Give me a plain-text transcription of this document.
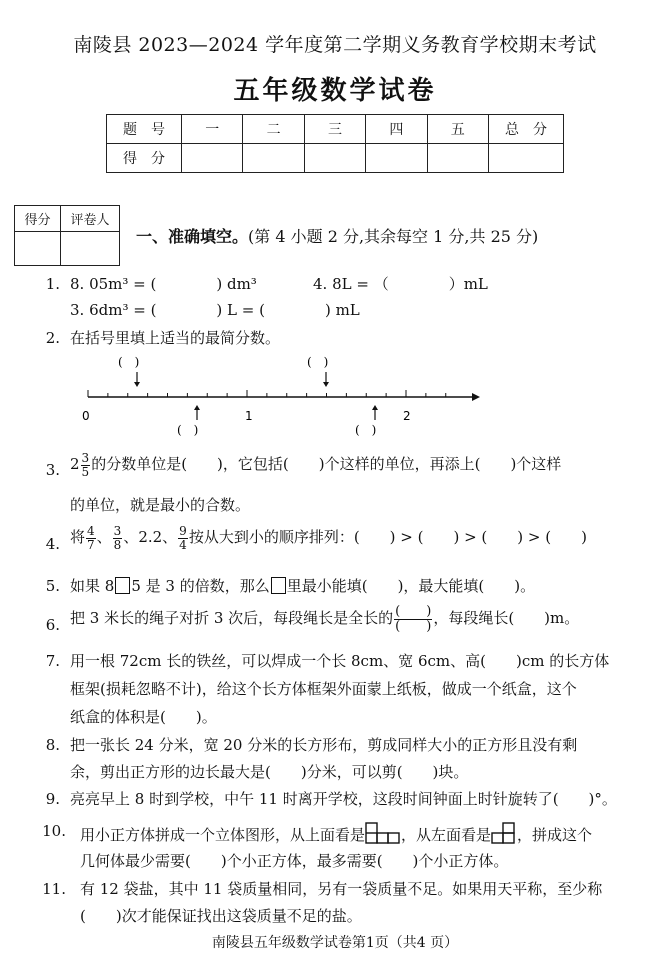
南陵县 2023—2024 学年度第二学期义务教育学校期末考试
五年级数学试卷
题　号	一	二	三	四	五	总　分
得　分						
得分	评卷人

一、准确填空。(第 4 小题 2 分,其余每空 1 分,共 25 分)
1. 8. 05m³ = (　　　　) dm³	4. 8L = （　　　　）mL
3. 6dm³ = (　　　　) L = (　　　　) mL
2. 在括号里填上适当的最简分数。
0	1	2
(　)	(　)
(　)	(　)
3. $2 \frac{3}{5}$ 的分数单位是(　　)，它包括(　　)个这样的单位，再添上(　　)个这样
的单位，就是最小的合数。
4. 将 $\frac{4}{7}$ 、 $\frac{3}{8}$ 、2.2、 $\frac{9}{4}$ 按从大到小的顺序排列：(　　) > (　　) > (　　) > (　　)
5. 如果 8 5 是 3 的倍数，那么 里最小能填(　　)，最大能填(　　)。
6. 把 3 米长的绳子对折 3 次后，每段绳长是全长的 $\frac{( )}{( )}$ ，每段绳长(　　)m。
7. 用一根 72cm 长的铁丝，可以焊成一个长 8cm、宽 6cm、高(　　)cm 的长方体
框架(损耗忽略不计)，给这个长方体框架外面蒙上纸板，做成一个纸盒，这个
纸盒的体积是(　　)。
8. 把一张长 24 分米，宽 20 分米的长方形布，剪成同样大小的正方形且没有剩
余，剪出正方形的边长最大是(　　)分米，可以剪(　　)块。
9. 亮亮早上 8 时到学校，中午 11 时离开学校，这段时间钟面上时针旋转了(　　)°。
10. 用小正方体拼成一个立体图形，从上面看是 ，从左面看是 ，拼成这个
几何体最少需要(　　)个小正方体，最多需要(　　)个小正方体。
11. 有 12 袋盐，其中 11 袋质量相同，另有一袋质量不足。如果用天平称，至少称
(　　)次才能保证找出这袋质量不足的盐。
南陵县五年级数学试卷第1页（共4 页）
